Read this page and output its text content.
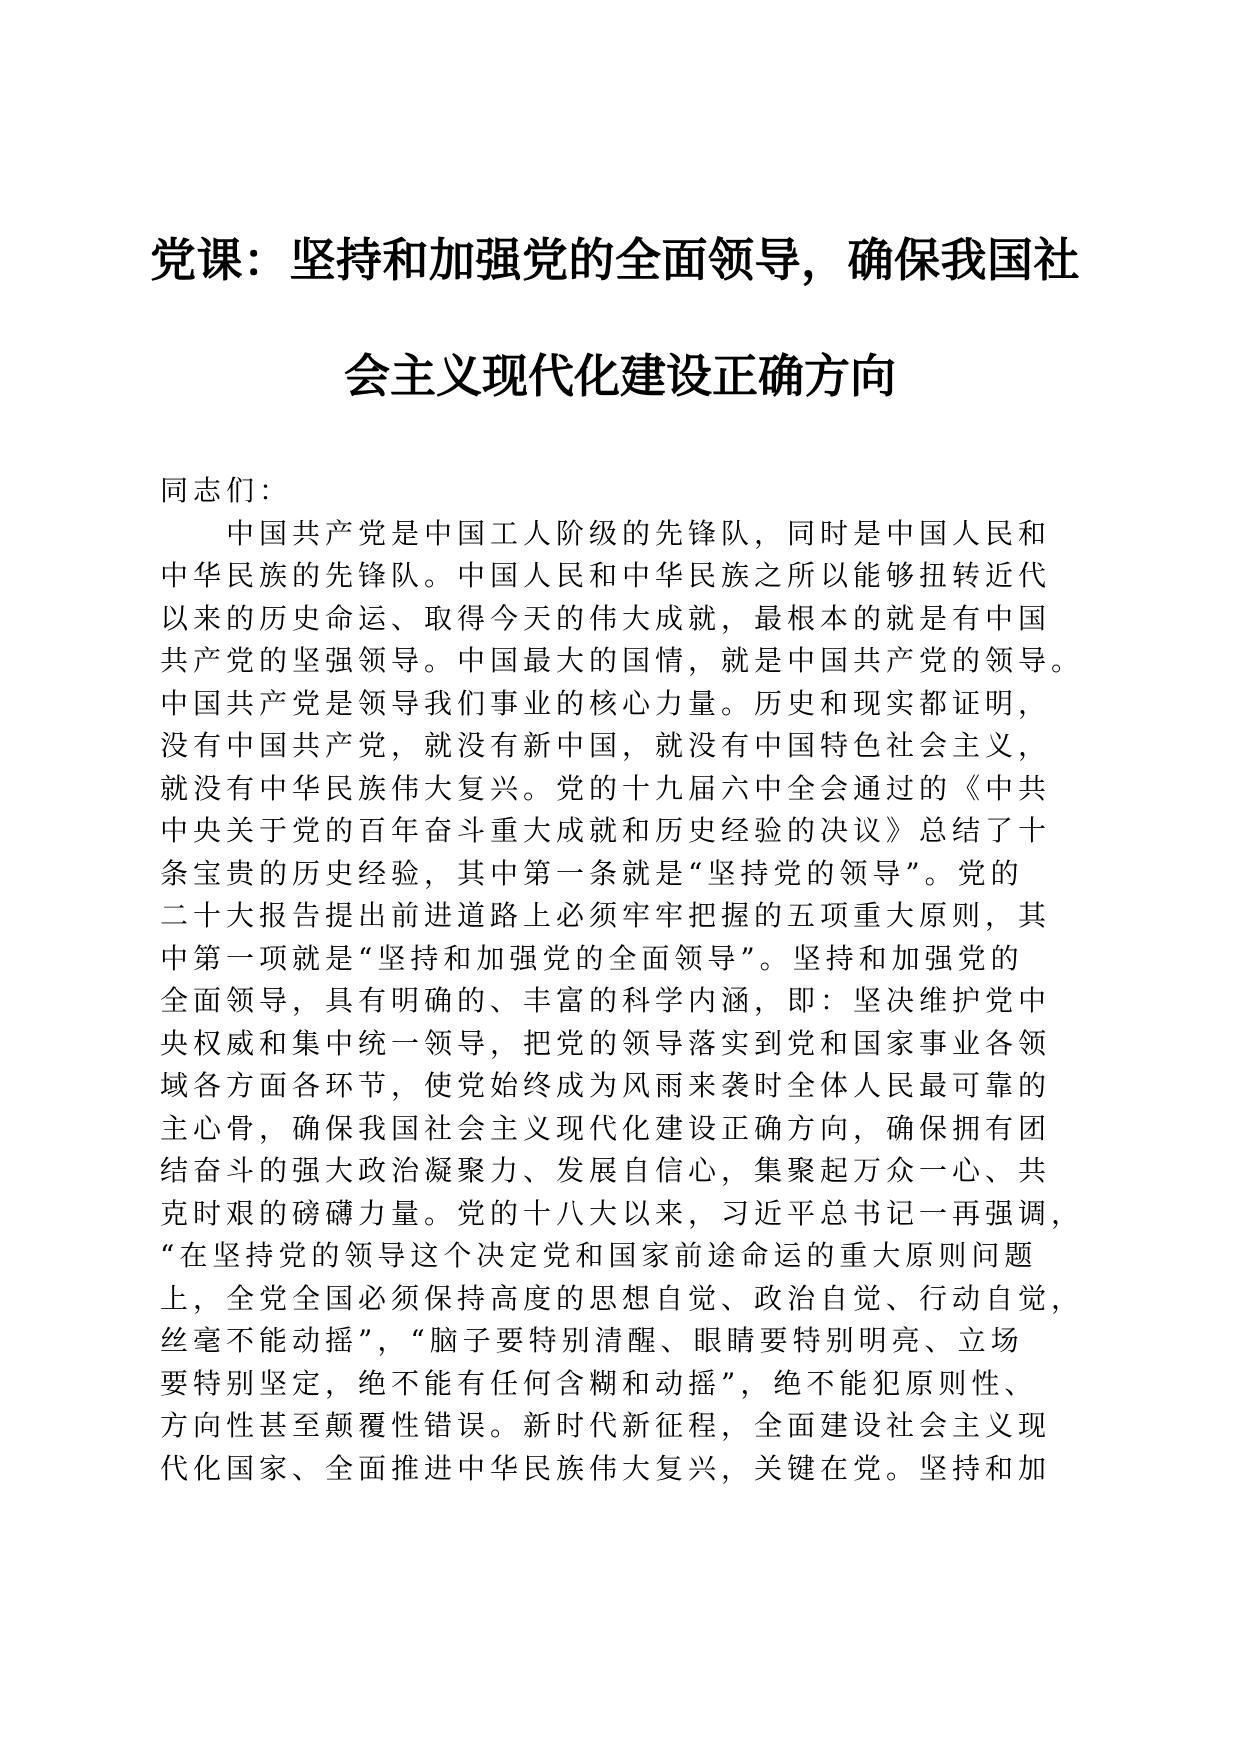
党课：坚持和加强党的全面领导，确保我国社
会主义现代化建设正确方向
同志们：
　　中国共产党是中国工人阶级的先锋队，同时是中国人民和
中华民族的先锋队。中国人民和中华民族之所以能够扭转近代
以来的历史命运、取得今天的伟大成就，最根本的就是有中国
共产党的坚强领导。中国最大的国情，就是中国共产党的领导。
中国共产党是领导我们事业的核心力量。历史和现实都证明，
没有中国共产党，就没有新中国，就没有中国特色社会主义，
就没有中华民族伟大复兴。党的十九届六中全会通过的《中共
中央关于党的百年奋斗重大成就和历史经验的决议》总结了十
条宝贵的历史经验，其中第一条就是“坚持党的领导”。党的
二十大报告提出前进道路上必须牢牢把握的五项重大原则，其
中第一项就是“坚持和加强党的全面领导”。坚持和加强党的
全面领导，具有明确的、丰富的科学内涵，即：坚决维护党中
央权威和集中统一领导，把党的领导落实到党和国家事业各领
域各方面各环节，使党始终成为风雨来袭时全体人民最可靠的
主心骨，确保我国社会主义现代化建设正确方向，确保拥有团
结奋斗的强大政治凝聚力、发展自信心，集聚起万众一心、共
克时艰的磅礴力量。党的十八大以来，习近平总书记一再强调，
“在坚持党的领导这个决定党和国家前途命运的重大原则问题
上，全党全国必须保持高度的思想自觉、政治自觉、行动自觉，
丝毫不能动摇”，“脑子要特别清醒、眼睛要特别明亮、立场
要特别坚定，绝不能有任何含糊和动摇”，绝不能犯原则性、
方向性甚至颠覆性错误。新时代新征程，全面建设社会主义现
代化国家、全面推进中华民族伟大复兴，关键在党。坚持和加
